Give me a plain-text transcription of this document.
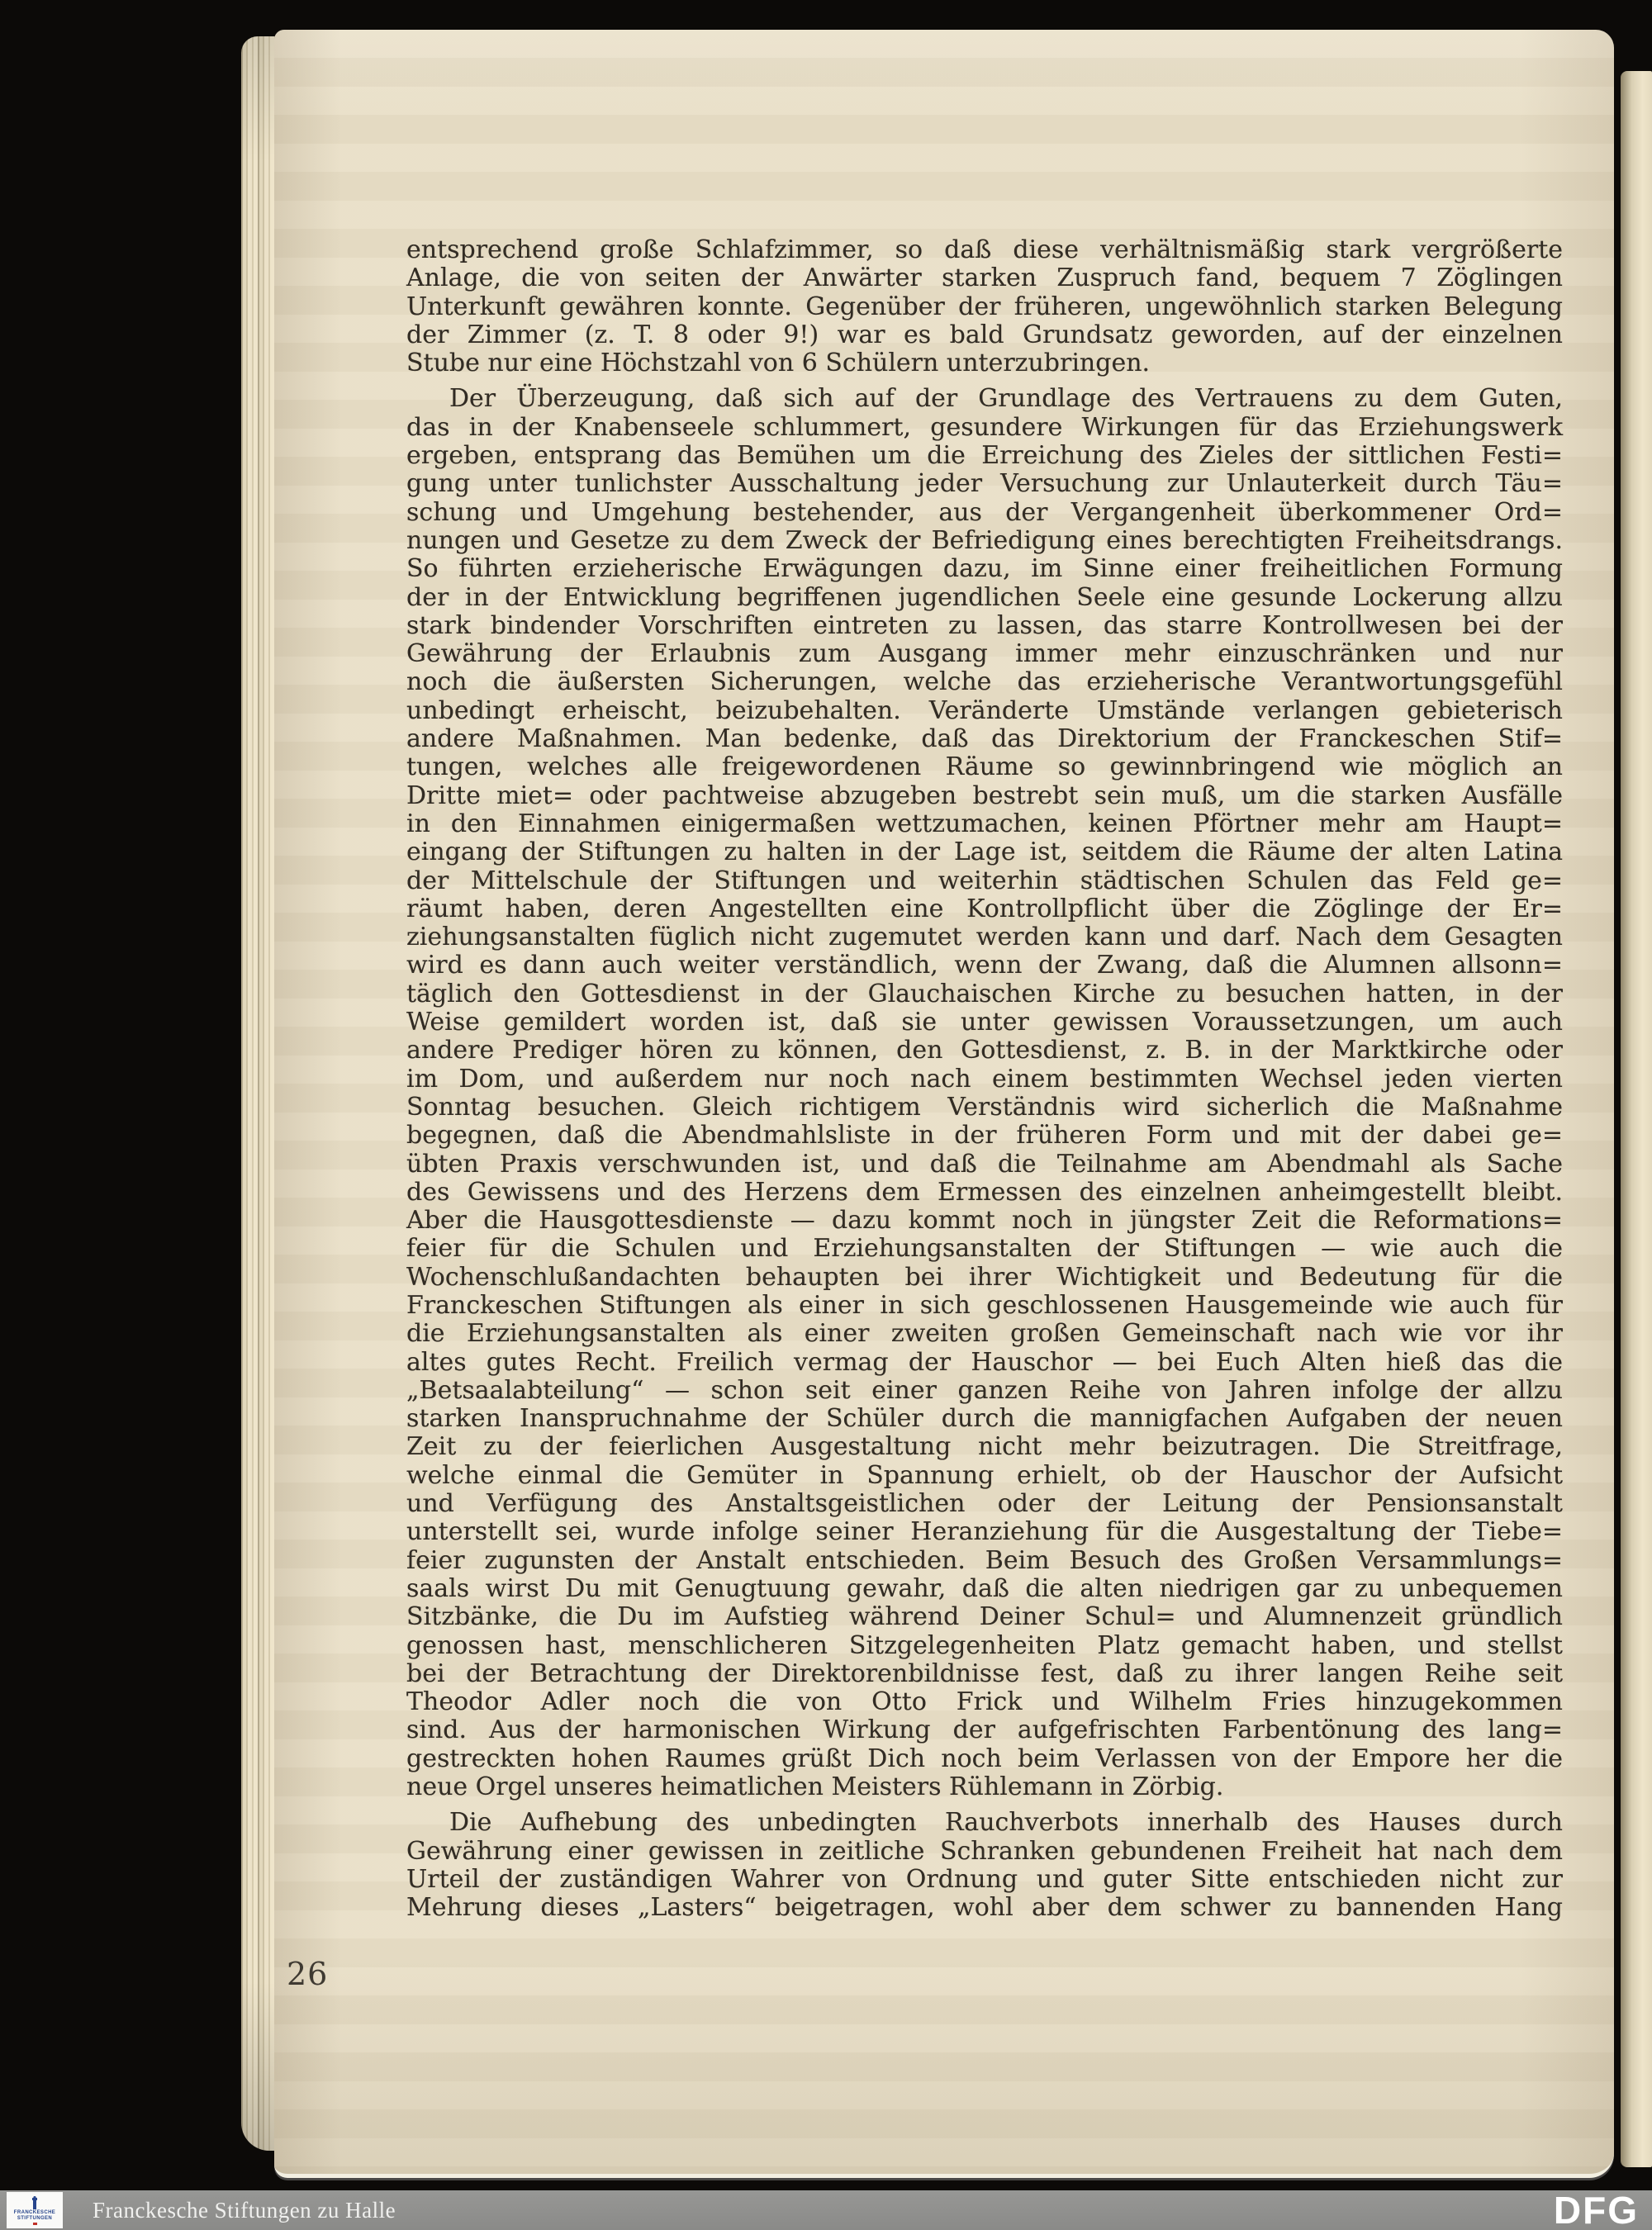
entsprechend große Schlafzimmer, so daß diese verhältnismäßig stark vergrößerte
Anlage, die von seiten der Anwärter starken Zuspruch fand, bequem 7 Zöglingen
Unterkunft gewähren konnte. Gegenüber der früheren, ungewöhnlich starken Belegung
der Zimmer (z. T. 8 oder 9!) war es bald Grundsatz geworden, auf der einzelnen
Stube nur eine Höchstzahl von 6 Schülern unterzubringen.
Der Überzeugung, daß sich auf der Grundlage des Vertrauens zu dem Guten,
das in der Knabenseele schlummert, gesundere Wirkungen für das Erziehungswerk
ergeben, entsprang das Bemühen um die Erreichung des Zieles der sittlichen Festi=
gung unter tunlichster Ausschaltung jeder Versuchung zur Unlauterkeit durch Täu=
schung und Umgehung bestehender, aus der Vergangenheit überkommener Ord=
nungen und Gesetze zu dem Zweck der Befriedigung eines berechtigten Freiheitsdrangs.
So führten erzieherische Erwägungen dazu, im Sinne einer freiheitlichen Formung
der in der Entwicklung begriffenen jugendlichen Seele eine gesunde Lockerung allzu
stark bindender Vorschriften eintreten zu lassen, das starre Kontrollwesen bei der
Gewährung der Erlaubnis zum Ausgang immer mehr einzuschränken und nur
noch die äußersten Sicherungen, welche das erzieherische Verantwortungsgefühl
unbedingt erheischt, beizubehalten. Veränderte Umstände verlangen gebieterisch
andere Maßnahmen. Man bedenke, daß das Direktorium der Franckeschen Stif=
tungen, welches alle freigewordenen Räume so gewinnbringend wie möglich an
Dritte miet= oder pachtweise abzugeben bestrebt sein muß, um die starken Ausfälle
in den Einnahmen einigermaßen wettzumachen, keinen Pförtner mehr am Haupt=
eingang der Stiftungen zu halten in der Lage ist, seitdem die Räume der alten Latina
der Mittelschule der Stiftungen und weiterhin städtischen Schulen das Feld ge=
räumt haben, deren Angestellten eine Kontrollpflicht über die Zöglinge der Er=
ziehungsanstalten füglich nicht zugemutet werden kann und darf. Nach dem Gesagten
wird es dann auch weiter verständlich, wenn der Zwang, daß die Alumnen allsonn=
täglich den Gottesdienst in der Glauchaischen Kirche zu besuchen hatten, in der
Weise gemildert worden ist, daß sie unter gewissen Voraussetzungen, um auch
andere Prediger hören zu können, den Gottesdienst, z. B. in der Marktkirche oder
im Dom, und außerdem nur noch nach einem bestimmten Wechsel jeden vierten
Sonntag besuchen. Gleich richtigem Verständnis wird sicherlich die Maßnahme
begegnen, daß die Abendmahlsliste in der früheren Form und mit der dabei ge=
übten Praxis verschwunden ist, und daß die Teilnahme am Abendmahl als Sache
des Gewissens und des Herzens dem Ermessen des einzelnen anheimgestellt bleibt.
Aber die Hausgottesdienste — dazu kommt noch in jüngster Zeit die Reformations=
feier für die Schulen und Erziehungsanstalten der Stiftungen — wie auch die
Wochenschlußandachten behaupten bei ihrer Wichtigkeit und Bedeutung für die
Franckeschen Stiftungen als einer in sich geschlossenen Hausgemeinde wie auch für
die Erziehungsanstalten als einer zweiten großen Gemeinschaft nach wie vor ihr
altes gutes Recht. Freilich vermag der Hauschor — bei Euch Alten hieß das die
„Betsaalabteilung“ — schon seit einer ganzen Reihe von Jahren infolge der allzu
starken Inanspruchnahme der Schüler durch die mannigfachen Aufgaben der neuen
Zeit zu der feierlichen Ausgestaltung nicht mehr beizutragen. Die Streitfrage,
welche einmal die Gemüter in Spannung erhielt, ob der Hauschor der Aufsicht
und Verfügung des Anstaltsgeistlichen oder der Leitung der Pensionsanstalt
unterstellt sei, wurde infolge seiner Heranziehung für die Ausgestaltung der Tiebe=
feier zugunsten der Anstalt entschieden. Beim Besuch des Großen Versammlungs=
saals wirst Du mit Genugtuung gewahr, daß die alten niedrigen gar zu unbequemen
Sitzbänke, die Du im Aufstieg während Deiner Schul= und Alumnenzeit gründlich
genossen hast, menschlicheren Sitzgelegenheiten Platz gemacht haben, und stellst
bei der Betrachtung der Direktorenbildnisse fest, daß zu ihrer langen Reihe seit
Theodor Adler noch die von Otto Frick und Wilhelm Fries hinzugekommen
sind. Aus der harmonischen Wirkung der aufgefrischten Farbentönung des lang=
gestreckten hohen Raumes grüßt Dich noch beim Verlassen von der Empore her die
neue Orgel unseres heimatlichen Meisters Rühlemann in Zörbig.
Die Aufhebung des unbedingten Rauchverbots innerhalb des Hauses durch
Gewährung einer gewissen in zeitliche Schranken gebundenen Freiheit hat nach dem
Urteil der zuständigen Wahrer von Ordnung und guter Sitte entschieden nicht zur
Mehrung dieses „Lasters“ beigetragen, wohl aber dem schwer zu bannenden Hang
26
FRANCKESCHE
STIFTUNGEN Franckesche Stiftungen zu Halle	DFG
